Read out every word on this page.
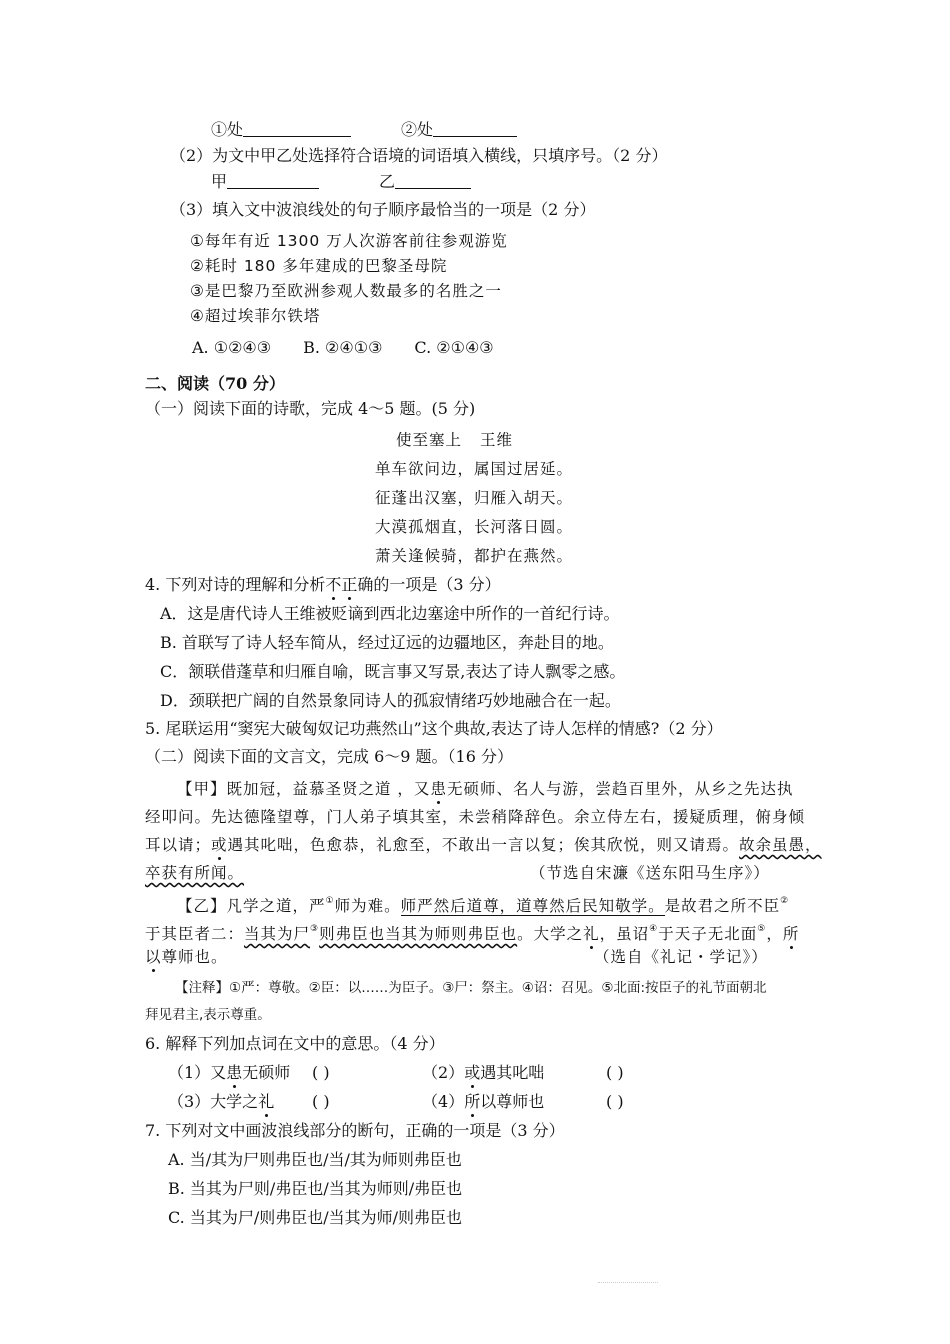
①处	②处
（2）为文中甲乙处选择符合语境的词语填入横线，只填序号。（2 分）
甲	乙
（3）填入文中波浪线处的句子顺序最恰当的一项是（2 分）
①每年有近 1300 万人次游客前往参观游览
②耗时 180 多年建成的巴黎圣母院
③是巴黎乃至欧洲参观人数最多的名胜之一
④超过埃菲尔铁塔
A. ①②④③ B. ②④①③ C. ②①④③
二、阅读（70 分）
（一）阅读下面的诗歌，完成 4～5 题。(5 分)
使至塞上 王维
单车欲问边，属国过居延。
征蓬出汉塞，归雁入胡天。
大漠孤烟直，长河落日圆。
萧关逢候骑，都护在燕然。
4. 下列对诗的理解和分析不正确的一项是（3 分）
A．这是唐代诗人王维被贬谪到西北边塞途中所作的一首纪行诗。
B. 首联写了诗人轻车简从，经过辽远的边疆地区，奔赴目的地。
C．颔联借蓬草和归雁自喻，既言事又写景,表达了诗人飘零之感。
D．颈联把广阔的自然景象同诗人的孤寂情绪巧妙地融合在一起。
5. 尾联运用“窦宪大破匈奴记功燕然山”这个典故,表达了诗人怎样的情感?（2 分）
（二）阅读下面的文言文，完成 6～9 题。（16 分）
【甲】既加冠，益慕圣贤之道 ，又患无硕师、名人与游，尝趋百里外，从乡之先达执
经叩问。先达德隆望尊，门人弟子填其室，未尝稍降辞色。余立侍左右，援疑质理，俯身倾
耳以请；或遇其叱咄，色愈恭，礼愈至，不敢出一言以复；俟其欣悦，则又请焉。故余虽愚，
卒获有所闻。	（节选自宋濂《送东阳马生序》）
【乙】凡学之道，严①师为难。师严然后道尊，道尊然后民知敬学。是故君之所不臣②
于其臣者二：当其为尸③则弗臣也当其为师则弗臣也。大学之礼，虽诏④于天子无北面⑤，所
以尊师也。	（选自《礼记・学记》）
【注释】①严：尊敬。②臣：以……为臣子。③尸：祭主。④诏：召见。⑤北面:按臣子的礼节面朝北
拜见君主,表示尊重。
6. 解释下列加点词在文中的意思。（4 分）
（1）又患无硕师 ( )	（2）或遇其叱咄	( )
（3）大学之礼 ( )	（4）所以尊师也	( )
7. 下列对文中画波浪线部分的断句，正确的一项是（3 分）
A. 当/其为尸则弗臣也/当/其为师则弗臣也
B. 当其为尸则/弗臣也/当其为师则/弗臣也
C. 当其为尸/则弗臣也/当其为师/则弗臣也
